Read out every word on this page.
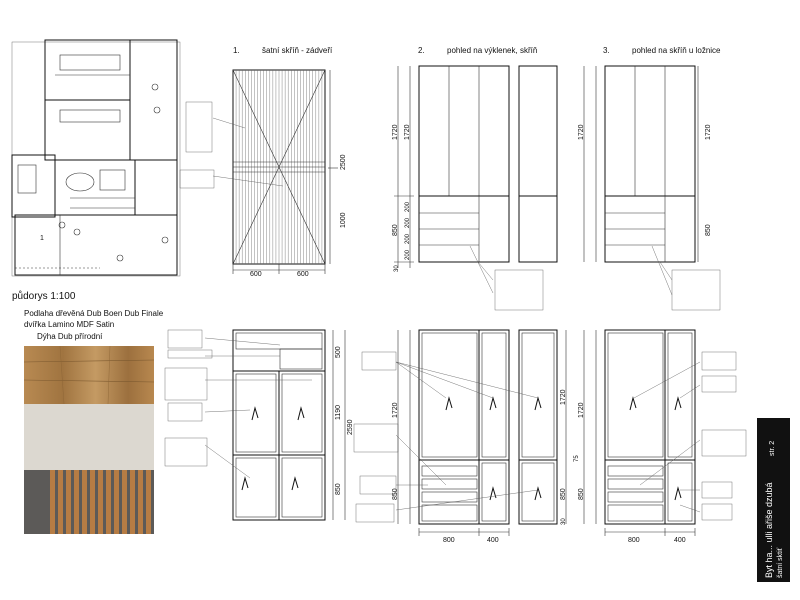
1
půdorys 1:100
Podlaha dřevěná Dub Boen Dub Finale
dvířka Lamino MDF Satin
Dýha Dub přírodní
1.	šatní skříň - zádveří	2.	pohled na výklenek, skříň	3.	pohled na skříň u ložnice
600	600
2500
1000
1720 1720
850
200
200
200
200
30
1720	1720
850
500
1190
850
2590
1720
1720
850	850
30
75
800	400
1720
850
800	400	Byt ha... ulli ařiše dzubá šatní sktiť
str. 2
